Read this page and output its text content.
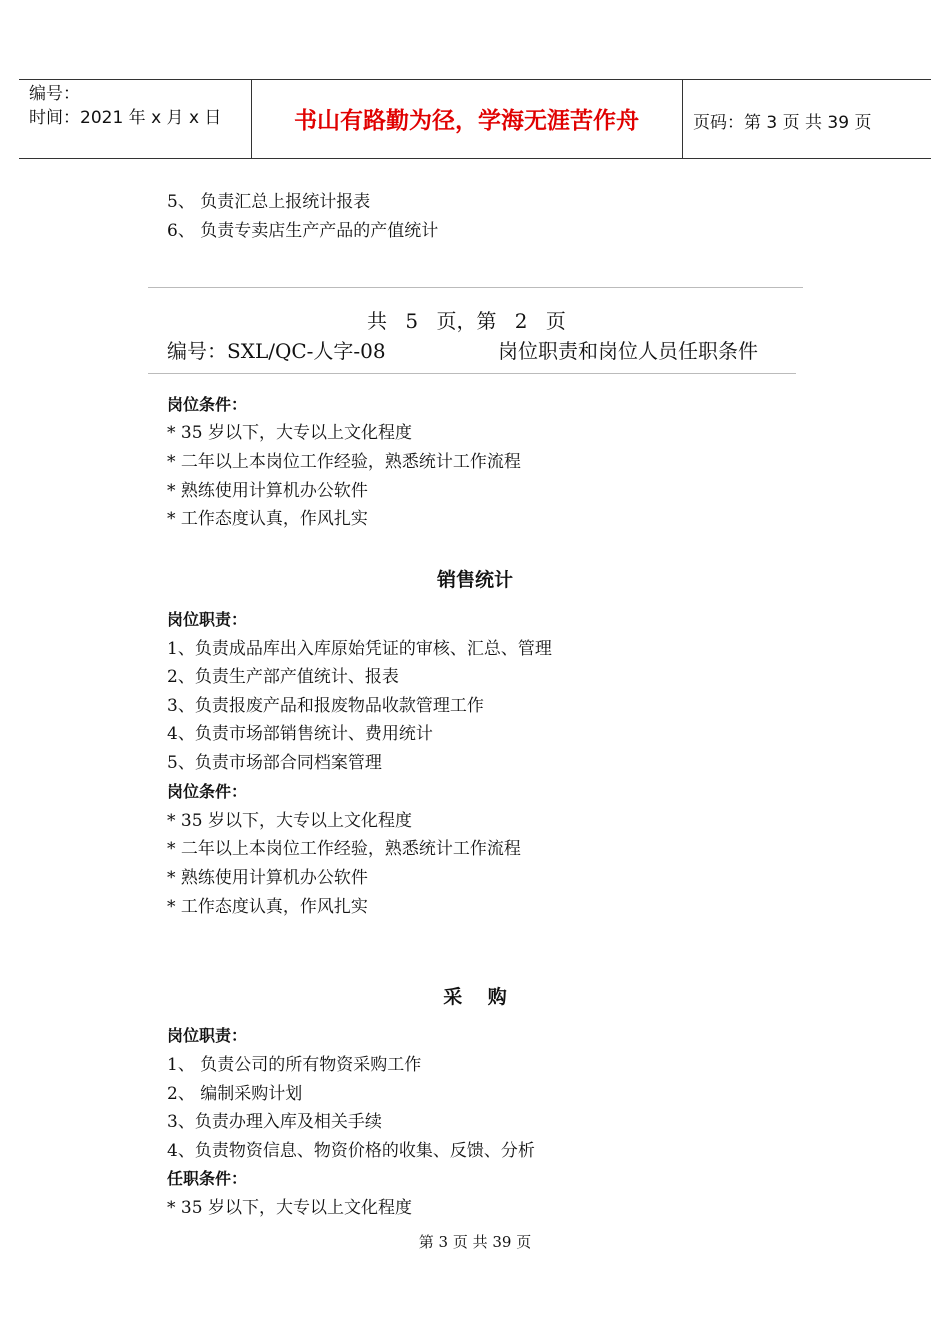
编号：
时间：2021 年 x 月 x 日	书山有路勤为径，学海无涯苦作舟	页码：第 3 页 共 39 页
5、 负责汇总上报统计报表
6、 负责专卖店生产产品的产值统计
共 5 页，第 2 页
编号：SXL/QC-人字-08	岗位职责和岗位人员任职条件
岗位条件：
* 35 岁以下，大专以上文化程度
* 二年以上本岗位工作经验，熟悉统计工作流程
* 熟练使用计算机办公软件
* 工作态度认真，作风扎实
销售统计
岗位职责：
1、负责成品库出入库原始凭证的审核、汇总、管理
2、负责生产部产值统计、报表
3、负责报废产品和报废物品收款管理工作
4、负责市场部销售统计、费用统计
5、负责市场部合同档案管理
岗位条件：
* 35 岁以下，大专以上文化程度
* 二年以上本岗位工作经验，熟悉统计工作流程
* 熟练使用计算机办公软件
* 工作态度认真，作风扎实
采　 购
岗位职责：
1、 负责公司的所有物资采购工作
2、 编制采购计划
3、负责办理入库及相关手续
4、负责物资信息、物资价格的收集、反馈、分析
任职条件：
* 35 岁以下，大专以上文化程度
第 3 页 共 39 页
